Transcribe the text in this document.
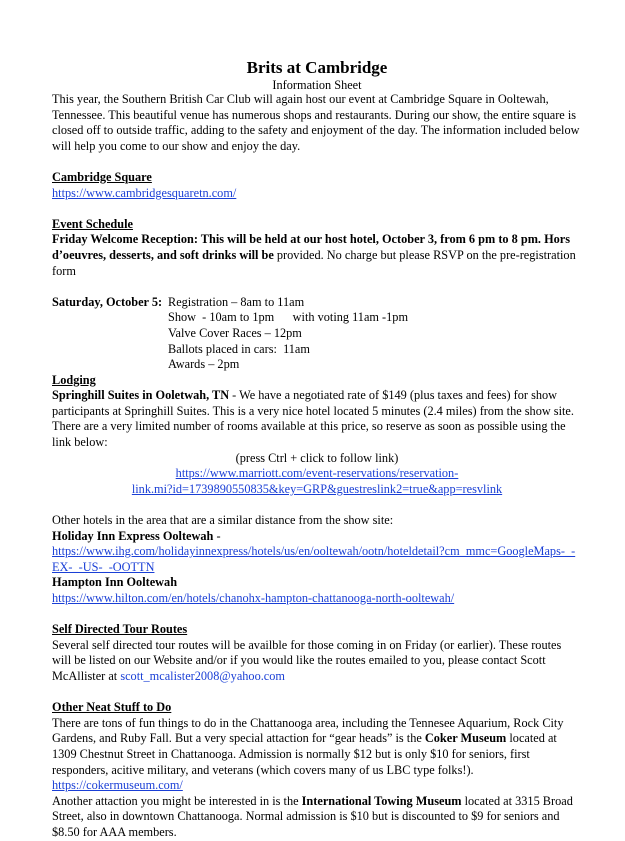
Brits at Cambridge
Information Sheet

This year, the Southern British Car Club will again host our event at Cambridge Square in Ooltewah, Tennessee. This beautiful venue has numerous shops and restaurants. During our show, the entire square is closed off to outside traffic, adding to the safety and enjoyment of the day. The information included below will help you come to our show and enjoy the day.

Cambridge Square

https://www.cambridgesquaretn.com/

Event Schedule

Friday Welcome Reception: This will be held at our host hotel, October 3, from 6 pm to 8 pm. Hors d’oeuvres, desserts, and soft drinks will be provided. No charge but please RSVP on the pre-registration form

Saturday, October 5: Registration – 8am to 11am
Show  - 10am to 1pm      with voting 11am -1pm
Valve Cover Races – 12pm
Ballots placed in cars:  11am
Awards – 2pm

Lodging

Springhill Suites in Ooletwah, TN - We have a negotiated rate of $149 (plus taxes and fees) for show participants at Springhill Suites. This is a very nice hotel located 5 minutes (2.4 miles) from the show site. There are a very limited number of rooms available at this price, so reserve as soon as possible using the link below:

(press Ctrl + click to follow link)

https://www.marriott.com/event-reservations/reservation-

link.mi?id=1739890550835&key=GRP&guestreslink2=true&app=resvlink

Other hotels in the area that are a similar distance from the show site:

Holiday Inn Express Ooltewah -

https://www.ihg.com/holidayinnexpress/hotels/us/en/ooltewah/ootn/hoteldetail?cm_mmc=GoogleMaps-_-EX-_-US-_-OOTTN

Hampton Inn Ooltewah

https://www.hilton.com/en/hotels/chanohx-hampton-chattanooga-north-ooltewah/

Self Directed Tour Routes

Several self directed tour routes will be availble for those coming in on Friday (or earlier). These routes will be listed on our Website and/or if you would like the routes emailed to you, please contact Scott McAllister at scott_mcalister2008@yahoo.com

Other Neat Stuff to Do

There are tons of fun things to do in the Chattanooga area, including the Tennesee Aquarium, Rock City Gardens, and Ruby Fall. But a very special attaction for “gear heads” is the Coker Museum located at 1309 Chestnut Street in Chattanooga. Admission is normally $12 but is only $10 for seniors, first responders, acitive military, and veterans (which covers many of us LBC type folks!).

https://cokermuseum.com/

Another attaction you might be interested in is the International Towing Museum located at 3315 Broad Street, also in downtown Chattanooga. Normal admission is $10 but is discounted to $9 for seniors and $8.50 for AAA members.
